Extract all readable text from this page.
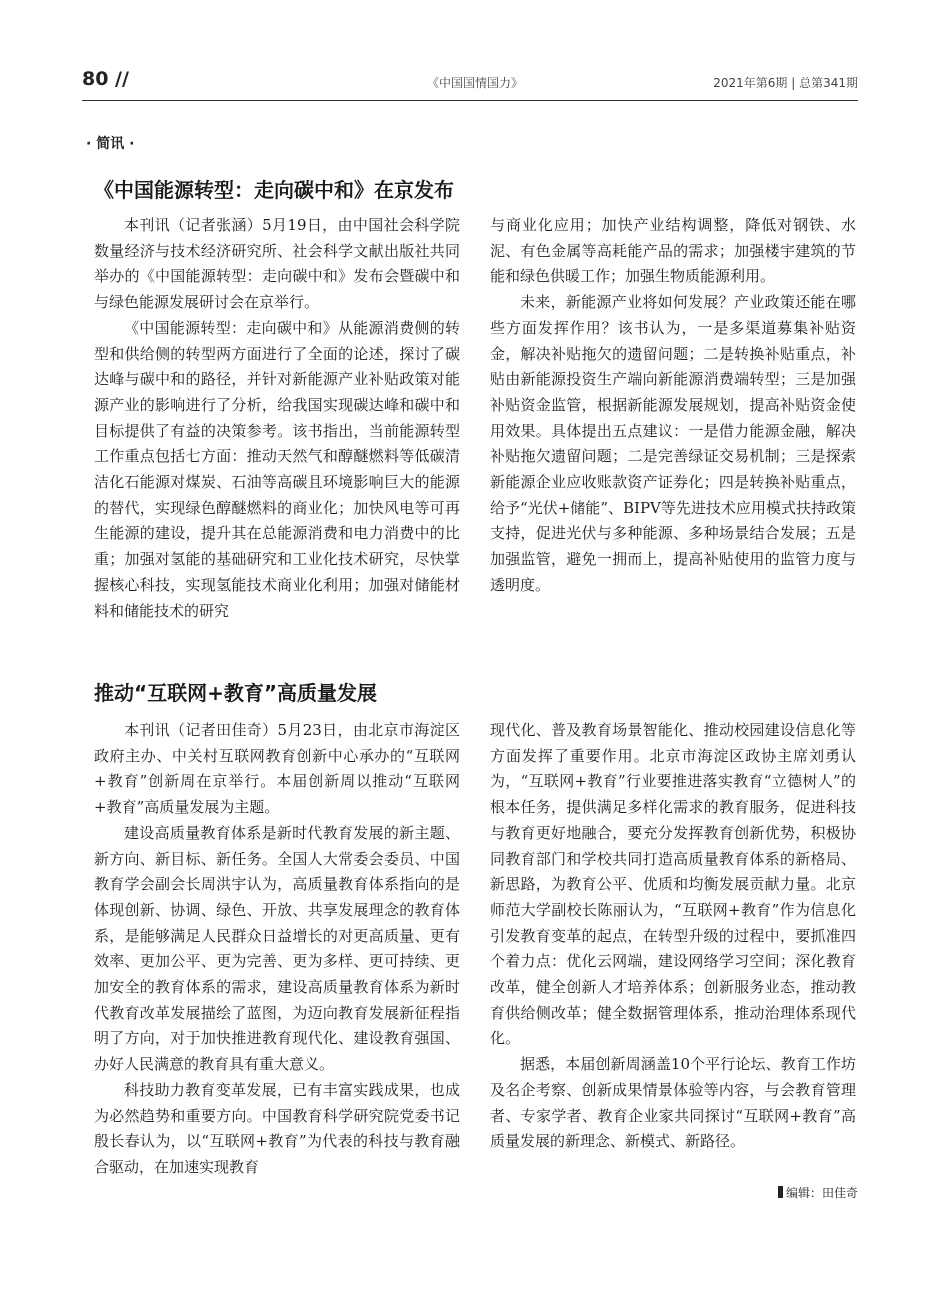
80 //	《中国国情国力》	2021年第6期 | 总第341期
· 简讯 ·
《中国能源转型：走向碳中和》在京发布

本刊讯（记者张涵）5月19日，由中国社会科学院数量经济与技术经济研究所、社会科学文献出版社共同举办的《中国能源转型：走向碳中和》发布会暨碳中和与绿色能源发展研讨会在京举行。

《中国能源转型：走向碳中和》从能源消费侧的转型和供给侧的转型两方面进行了全面的论述，探讨了碳达峰与碳中和的路径，并针对新能源产业补贴政策对能源产业的影响进行了分析，给我国实现碳达峰和碳中和目标提供了有益的决策参考。该书指出，当前能源转型工作重点包括七方面：推动天然气和醇醚燃料等低碳清洁化石能源对煤炭、石油等高碳且环境影响巨大的能源的替代，实现绿色醇醚燃料的商业化；加快风电等可再生能源的建设，提升其在总能源消费和电力消费中的比重；加强对氢能的基础研究和工业化技术研究，尽快掌握核心科技，实现氢能技术商业化利用；加强对储能材料和储能技术的研究

与商业化应用；加快产业结构调整，降低对钢铁、水泥、有色金属等高耗能产品的需求；加强楼宇建筑的节能和绿色供暖工作；加强生物质能源利用。

未来，新能源产业将如何发展？产业政策还能在哪些方面发挥作用？该书认为，一是多渠道募集补贴资金，解决补贴拖欠的遗留问题；二是转换补贴重点，补贴由新能源投资生产端向新能源消费端转型；三是加强补贴资金监管，根据新能源发展规划，提高补贴资金使用效果。具体提出五点建议：一是借力能源金融，解决补贴拖欠遗留问题；二是完善绿证交易机制；三是探索新能源企业应收账款资产证券化；四是转换补贴重点，给予“光伏+储能”、BIPV等先进技术应用模式扶持政策支持，促进光伏与多种能源、多种场景结合发展；五是加强监管，避免一拥而上，提高补贴使用的监管力度与透明度。

推动“互联网+教育”高质量发展

本刊讯（记者田佳奇）5月23日，由北京市海淀区政府主办、中关村互联网教育创新中心承办的“互联网+教育”创新周在京举行。本届创新周以推动“互联网+教育”高质量发展为主题。

建设高质量教育体系是新时代教育发展的新主题、新方向、新目标、新任务。全国人大常委会委员、中国教育学会副会长周洪宇认为，高质量教育体系指向的是体现创新、协调、绿色、开放、共享发展理念的教育体系，是能够满足人民群众日益增长的对更高质量、更有效率、更加公平、更为完善、更为多样、更可持续、更加安全的教育体系的需求，建设高质量教育体系为新时代教育改革发展描绘了蓝图，为迈向教育发展新征程指明了方向，对于加快推进教育现代化、建设教育强国、办好人民满意的教育具有重大意义。

科技助力教育变革发展，已有丰富实践成果，也成为必然趋势和重要方向。中国教育科学研究院党委书记殷长春认为，以“互联网+教育”为代表的科技与教育融合驱动，在加速实现教育

现代化、普及教育场景智能化、推动校园建设信息化等方面发挥了重要作用。北京市海淀区政协主席刘勇认为，“互联网+教育”行业要推进落实教育“立德树人”的根本任务，提供满足多样化需求的教育服务，促进科技与教育更好地融合，要充分发挥教育创新优势，积极协同教育部门和学校共同打造高质量教育体系的新格局、新思路，为教育公平、优质和均衡发展贡献力量。北京师范大学副校长陈丽认为，“互联网+教育”作为信息化引发教育变革的起点，在转型升级的过程中，要抓准四个着力点：优化云网端，建设网络学习空间；深化教育改革，健全创新人才培养体系；创新服务业态，推动教育供给侧改革；健全数据管理体系，推动治理体系现代化。

据悉，本届创新周涵盖10个平行论坛、教育工作坊及名企考察、创新成果情景体验等内容，与会教育管理者、专家学者、教育企业家共同探讨“互联网+教育”高质量发展的新理念、新模式、新路径。

编辑：田佳奇
